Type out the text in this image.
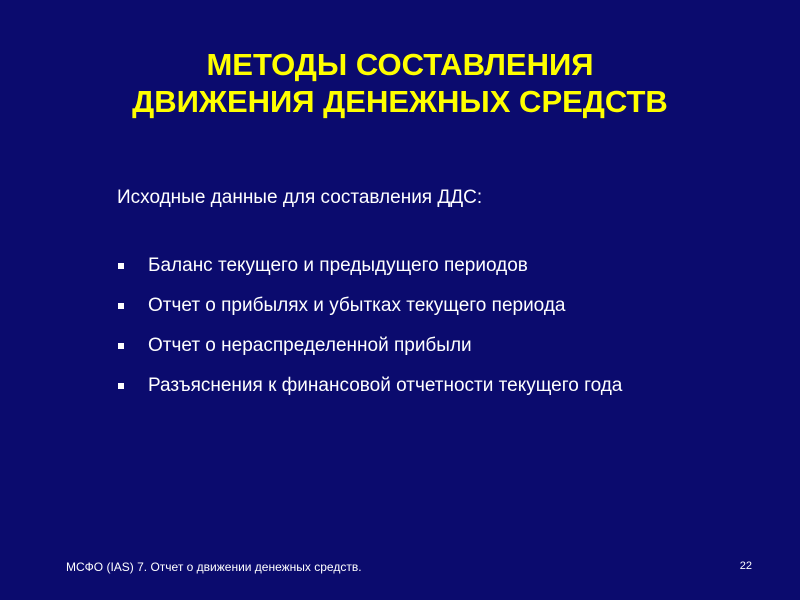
МЕТОДЫ СОСТАВЛЕНИЯ
ДВИЖЕНИЯ ДЕНЕЖНЫХ СРЕДСТВ
Исходные данные для составления ДДС:
Баланс текущего и предыдущего периодов
Отчет о прибылях и убытках текущего периода
Отчет о нераспределенной прибыли
Разъяснения к финансовой отчетности текущего года
МСФО (IAS) 7. Отчет о движении денежных средств.	22
